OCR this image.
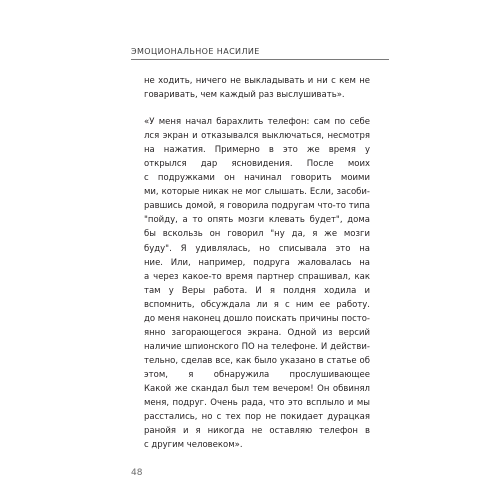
ЭМОЦИОНАЛЬНОЕ НАСИЛИЕ
не ходить, ничего не выкладывать и ни с кем не
говаривать, чем каждый раз выслушивать».
«У меня начал барахлить телефон: сам по себе
лся экран и отказывался выключаться, несмотря
на нажатия. Примерно в это же время у
открылся дар ясновидения. После моих
с подружками он начинал говорить моими
ми, которые никак не мог слышать. Если, засоби-
равшись домой, я говорила подругам что-то типа
"пойду, а то опять мозги клевать будет", дома
бы вскользь он говорил "ну да, я же мозги
буду". Я удивлялась, но списывала это на
ние. Или, например, подруга жаловалась на
а через какое-то время партнер спрашивал, как
там у Веры работа. И я полдня ходила и
вспомнить, обсуждала ли я с ним ее работу.
до меня наконец дошло поискать причины посто-
янно загорающегося экрана. Одной из версий
наличие шпионского ПО на телефоне. И действи-
тельно, сделав все, как было указано в статье об
этом, я обнаружила прослушивающее
Какой же скандал был тем вечером! Он обвинял
меня, подруг. Очень рада, что это всплыло и мы
расстались, но с тех пор не покидает дурацкая
ранойя и я никогда не оставляю телефон в
с другим человеком».
48
